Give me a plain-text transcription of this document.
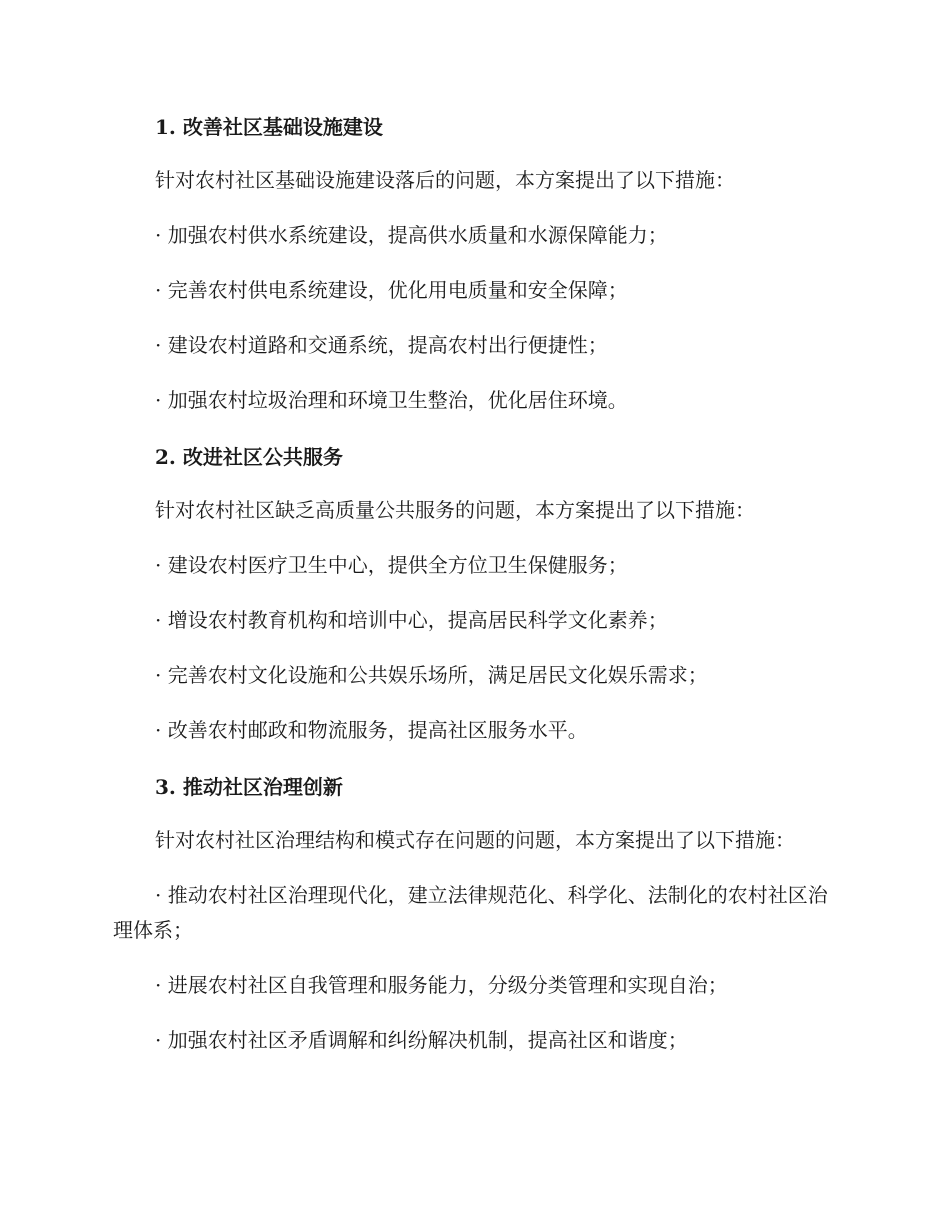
1. 改善社区基础设施建设

针对农村社区基础设施建设落后的问题，本方案提出了以下措施：

· 加强农村供水系统建设，提高供水质量和水源保障能力；

· 完善农村供电系统建设，优化用电质量和安全保障；

· 建设农村道路和交通系统，提高农村出行便捷性；

· 加强农村垃圾治理和环境卫生整治，优化居住环境。

2. 改进社区公共服务

针对农村社区缺乏高质量公共服务的问题，本方案提出了以下措施：

· 建设农村医疗卫生中心，提供全方位卫生保健服务；

· 增设农村教育机构和培训中心，提高居民科学文化素养；

· 完善农村文化设施和公共娱乐场所，满足居民文化娱乐需求；

· 改善农村邮政和物流服务，提高社区服务水平。

3. 推动社区治理创新

针对农村社区治理结构和模式存在问题的问题，本方案提出了以下措施：

· 推动农村社区治理现代化，建立法律规范化、科学化、法制化的农村社区治理体系；

· 进展农村社区自我管理和服务能力，分级分类管理和实现自治；

· 加强农村社区矛盾调解和纠纷解决机制，提高社区和谐度；
